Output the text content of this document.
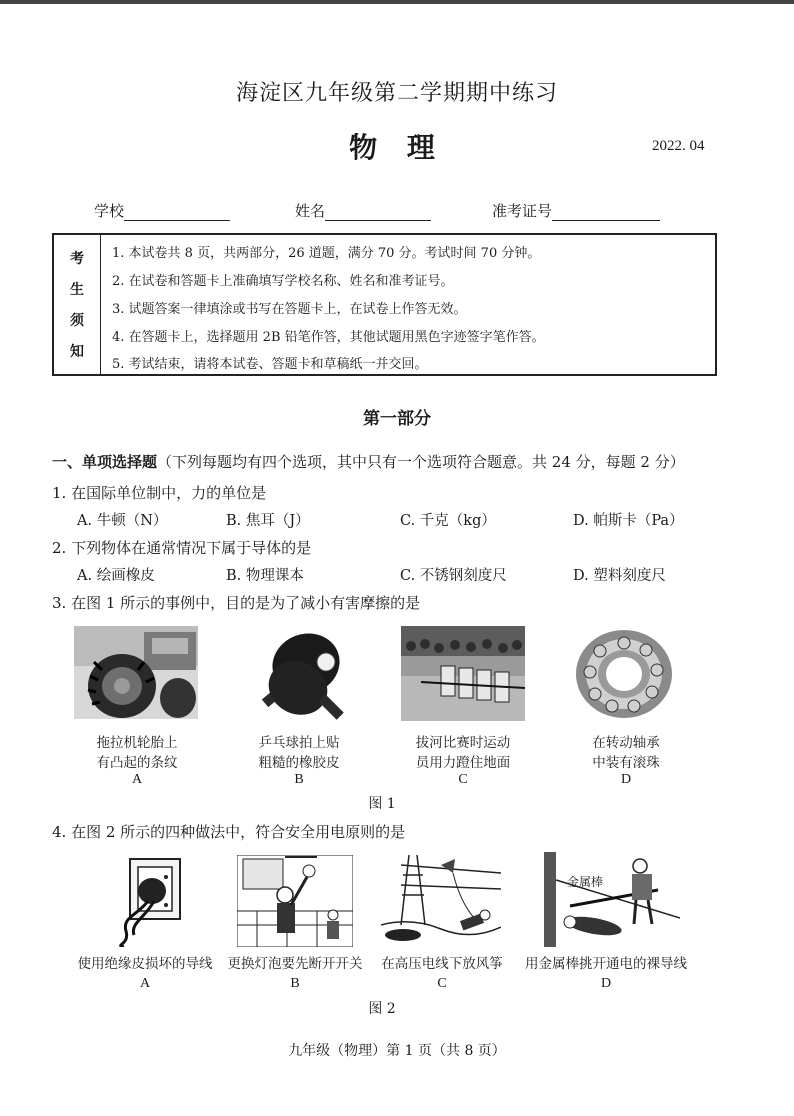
海淀区九年级第二学期期中练习
物 理	2022. 04
学校	姓名	准考证号
考
生
须
知
1. 本试卷共 8 页，共两部分，26 道题，满分 70 分。考试时间 70 分钟。
2. 在试卷和答题卡上准确填写学校名称、姓名和准考证号。
3. 试题答案一律填涂或书写在答题卡上，在试卷上作答无效。
4. 在答题卡上，选择题用 2B 铅笔作答，其他试题用黑色字迹签字笔作答。
5. 考试结束，请将本试卷、答题卡和草稿纸一并交回。
第一部分
一、单项选择题（下列每题均有四个选项，其中只有一个选项符合题意。共 24 分，每题 2 分）
1. 在国际单位制中，力的单位是
A. 牛顿（N）	B. 焦耳（J）	C. 千克（kg）	D. 帕斯卡（Pa）
2. 下列物体在通常情况下属于导体的是
A. 绘画橡皮	B. 物理课本	C. 不锈钢刻度尺	D. 塑料刻度尺
3. 在图 1 所示的事例中，目的是为了减小有害摩擦的是
拖拉机轮胎上
有凸起的条纹
乒乓球拍上贴
粗糙的橡胶皮
拔河比赛时运动
员用力蹬住地面
在转动轴承
中装有滚珠
A	B	C	D
图 1
4. 在图 2 所示的四种做法中，符合安全用电原则的是
金属棒
使用绝缘皮损坏的导线	更换灯泡要先断开开关	在高压电线下放风筝	用金属棒挑开通电的裸导线
A	B	C	D
图 2
九年级（物理）第 1 页（共 8 页）
